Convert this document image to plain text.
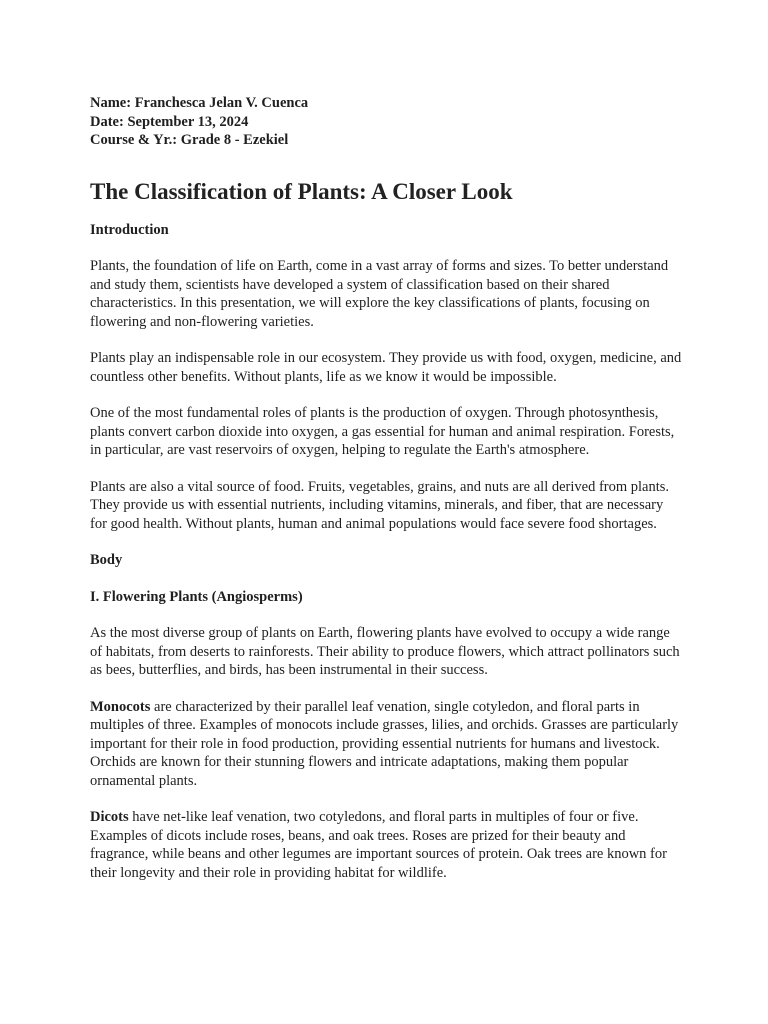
Name: Franchesca Jelan V. Cuenca

Date: September 13, 2024

Course & Yr.: Grade 8 - Ezekiel

The Classification of Plants: A Closer Look
Introduction

Plants, the foundation of life on Earth, come in a vast array of forms and sizes. To better understand and study them, scientists have developed a system of classification based on their shared characteristics. In this presentation, we will explore the key classifications of plants, focusing on flowering and non-flowering varieties.

Plants play an indispensable role in our ecosystem. They provide us with food, oxygen, medicine, and countless other benefits. Without plants, life as we know it would be impossible.

One of the most fundamental roles of plants is the production of oxygen. Through photosynthesis, plants convert carbon dioxide into oxygen, a gas essential for human and animal respiration. Forests, in particular, are vast reservoirs of oxygen, helping to regulate the Earth's atmosphere.

Plants are also a vital source of food. Fruits, vegetables, grains, and nuts are all derived from plants. They provide us with essential nutrients, including vitamins, minerals, and fiber, that are necessary for good health. Without plants, human and animal populations would face severe food shortages.

Body
I. Flowering Plants (Angiosperms)

As the most diverse group of plants on Earth, flowering plants have evolved to occupy a wide range of habitats, from deserts to rainforests. Their ability to produce flowers, which attract pollinators such as bees, butterflies, and birds, has been instrumental in their success.

Monocots are characterized by their parallel leaf venation, single cotyledon, and floral parts in multiples of three. Examples of monocots include grasses, lilies, and orchids. Grasses are particularly important for their role in food production, providing essential nutrients for humans and livestock. Orchids are known for their stunning flowers and intricate adaptations, making them popular ornamental plants.

Dicots have net-like leaf venation, two cotyledons, and floral parts in multiples of four or five. Examples of dicots include roses, beans, and oak trees. Roses are prized for their beauty and fragrance, while beans and other legumes are important sources of protein. Oak trees are known for their longevity and their role in providing habitat for wildlife.
